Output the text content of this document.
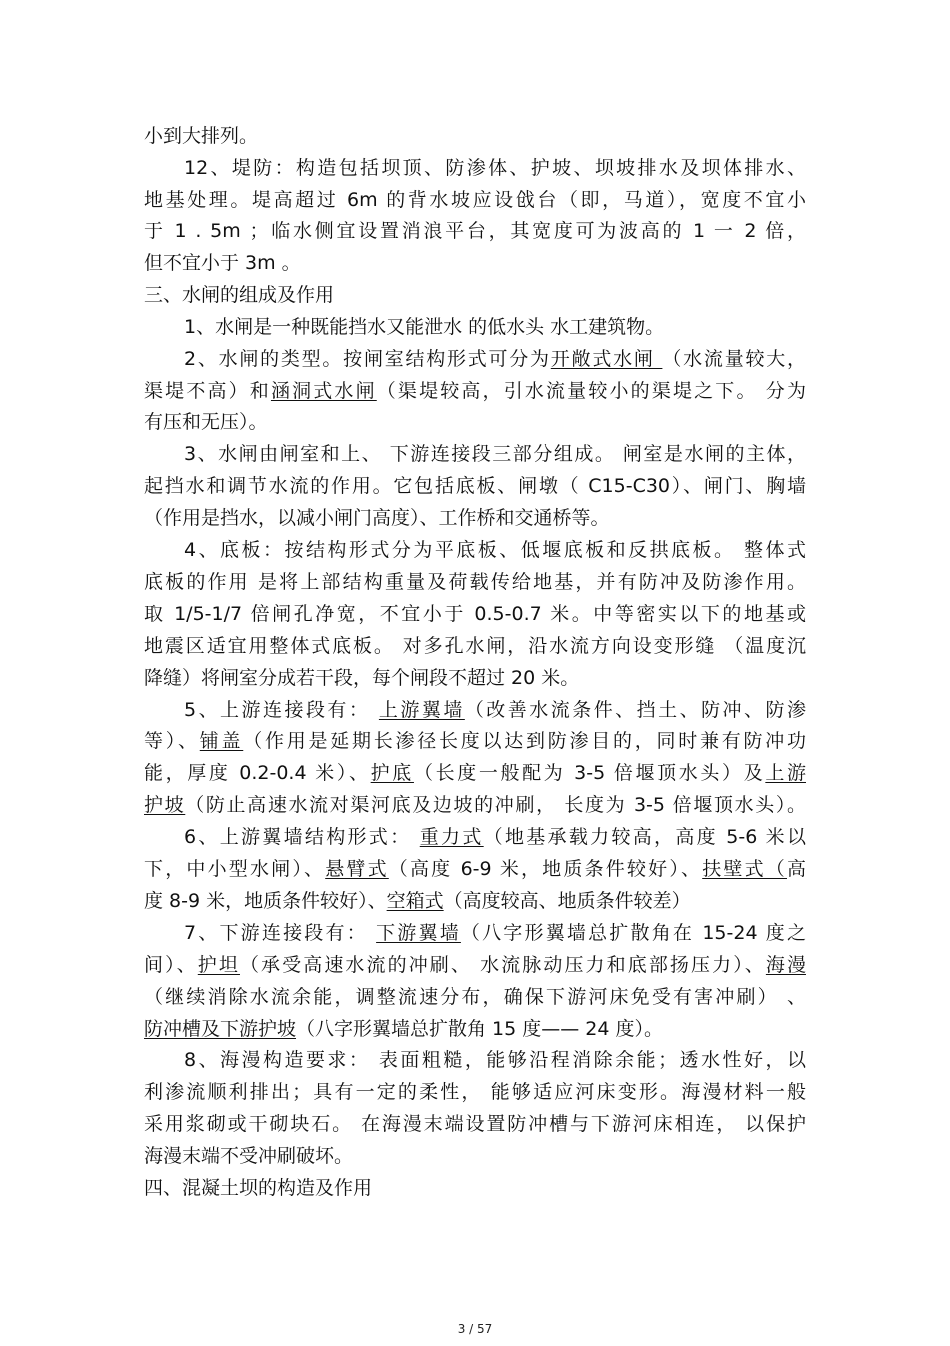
小到大排列。
12、堤防：构造包括坝顶、防渗体、护坡、坝坡排水及坝体排水、
地基处理。堤高超过 6m 的背水坡应设戗台（即，马道），宽度不宜小
于 1 . 5m ；临水侧宜设置消浪平台，其宽度可为波高的 1 一 2 倍，
但不宜小于 3m 。
三、水闸的组成及作用
1、水闸是一种既能挡水又能泄水 的低水头 水工建筑物。
2、水闸的类型。按闸室结构形式可分为开敞式水闸 （水流量较大，
渠堤不高）和涵洞式水闸（渠堤较高，引水流量较小的渠堤之下。 分为
有压和无压）。
3、水闸由闸室和上、 下游连接段三部分组成。 闸室是水闸的主体，
起挡水和调节水流的作用。它包括底板、闸墩（ C15-C30）、闸门、胸墙
（作用是挡水，以减小闸门高度）、工作桥和交通桥等。
4、底板：按结构形式分为平底板、低堰底板和反拱底板。 整体式
底板的作用 是将上部结构重量及荷载传给地基，并有防冲及防渗作用。
取 1/5-1/7 倍闸孔净宽，不宜小于 0.5-0.7 米。中等密实以下的地基或
地震区适宜用整体式底板。 对多孔水闸，沿水流方向设变形缝 （温度沉
降缝）将闸室分成若干段，每个闸段不超过 20 米。
5、上游连接段有： 上游翼墙（改善水流条件、挡土、防冲、防渗
等）、铺盖（作用是延期长渗径长度以达到防渗目的，同时兼有防冲功
能，厚度 0.2-0.4 米）、护底（长度一般配为 3-5 倍堰顶水头）及上游
护坡（防止高速水流对渠河底及边坡的冲刷， 长度为 3-5 倍堰顶水头）。
6、上游翼墙结构形式： 重力式（地基承载力较高，高度 5-6 米以
下，中小型水闸）、悬臂式（高度 6-9 米，地质条件较好）、扶壁式（高
度 8-9 米，地质条件较好）、空箱式（高度较高、地质条件较差）
7、下游连接段有： 下游翼墙（八字形翼墙总扩散角在 15-24 度之
间）、护坦（承受高速水流的冲刷、 水流脉动压力和底部扬压力）、海漫
（继续消除水流余能，调整流速分布，确保下游河床免受有害冲刷） 、
防冲槽及下游护坡（八字形翼墙总扩散角 15 度—— 24 度）。
8、海漫构造要求： 表面粗糙，能够沿程消除余能；透水性好，以
利渗流顺利排出；具有一定的柔性， 能够适应河床变形。海漫材料一般
采用浆砌或干砌块石。 在海漫末端设置防冲槽与下游河床相连， 以保护
海漫末端不受冲刷破坏。
四、混凝土坝的构造及作用
3 / 57
